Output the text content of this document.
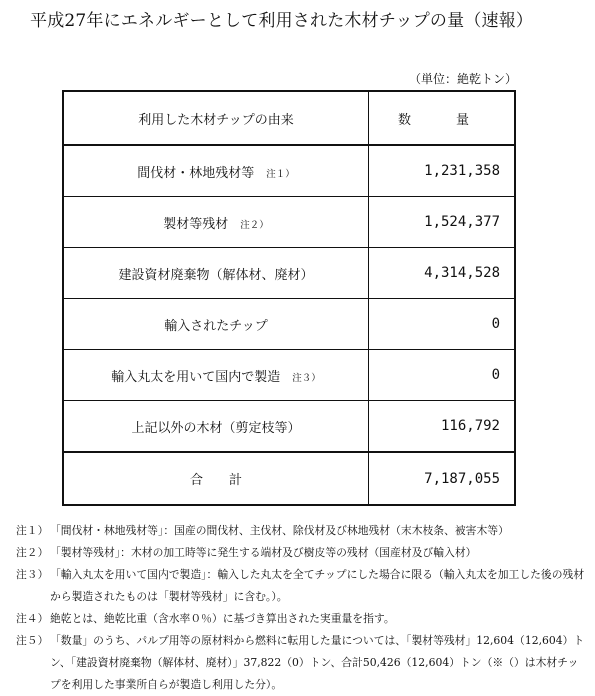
平成27年にエネルギーとして利用された木材チップの量（速報）
（単位：絶乾トン）
利用した木材チップの由来	数　量
間伐材・林地残材等 注１）	1,231,358
製材等残材 注２）	1,524,377
建設資材廃棄物（解体材、廃材）	4,314,528
輸入されたチップ	0
輸入丸太を用いて国内で製造 注３）	0
上記以外の木材（剪定枝等）	116,792
合　　計	7,187,055
注１） 「間伐材・林地残材等」：国産の間伐材、主伐材、除伐材及び林地残材（末木枝条、被害木等）
注２） 「製材等残材」：木材の加工時等に発生する端材及び樹皮等の残材（国産材及び輸入材）
注３） 「輸入丸太を用いて国内で製造」：輸入した丸太を全てチップにした場合に限る（輸入丸太を加工した後の残材から製造されたものは「製材等残材」に含む。）。
注４） 絶乾とは、絶乾比重（含水率０％）に基づき算出された実重量を指す。
注５） 「数量」のうち、パルプ用等の原材料から燃料に転用した量については、「製材等残材」12,604（12,604）トン、「建設資材廃棄物（解体材、廃材）」37,822（0）トン、合計50,426（12,604）トン（※（）は木材チップを利用した事業所自らが製造し利用した分）。
